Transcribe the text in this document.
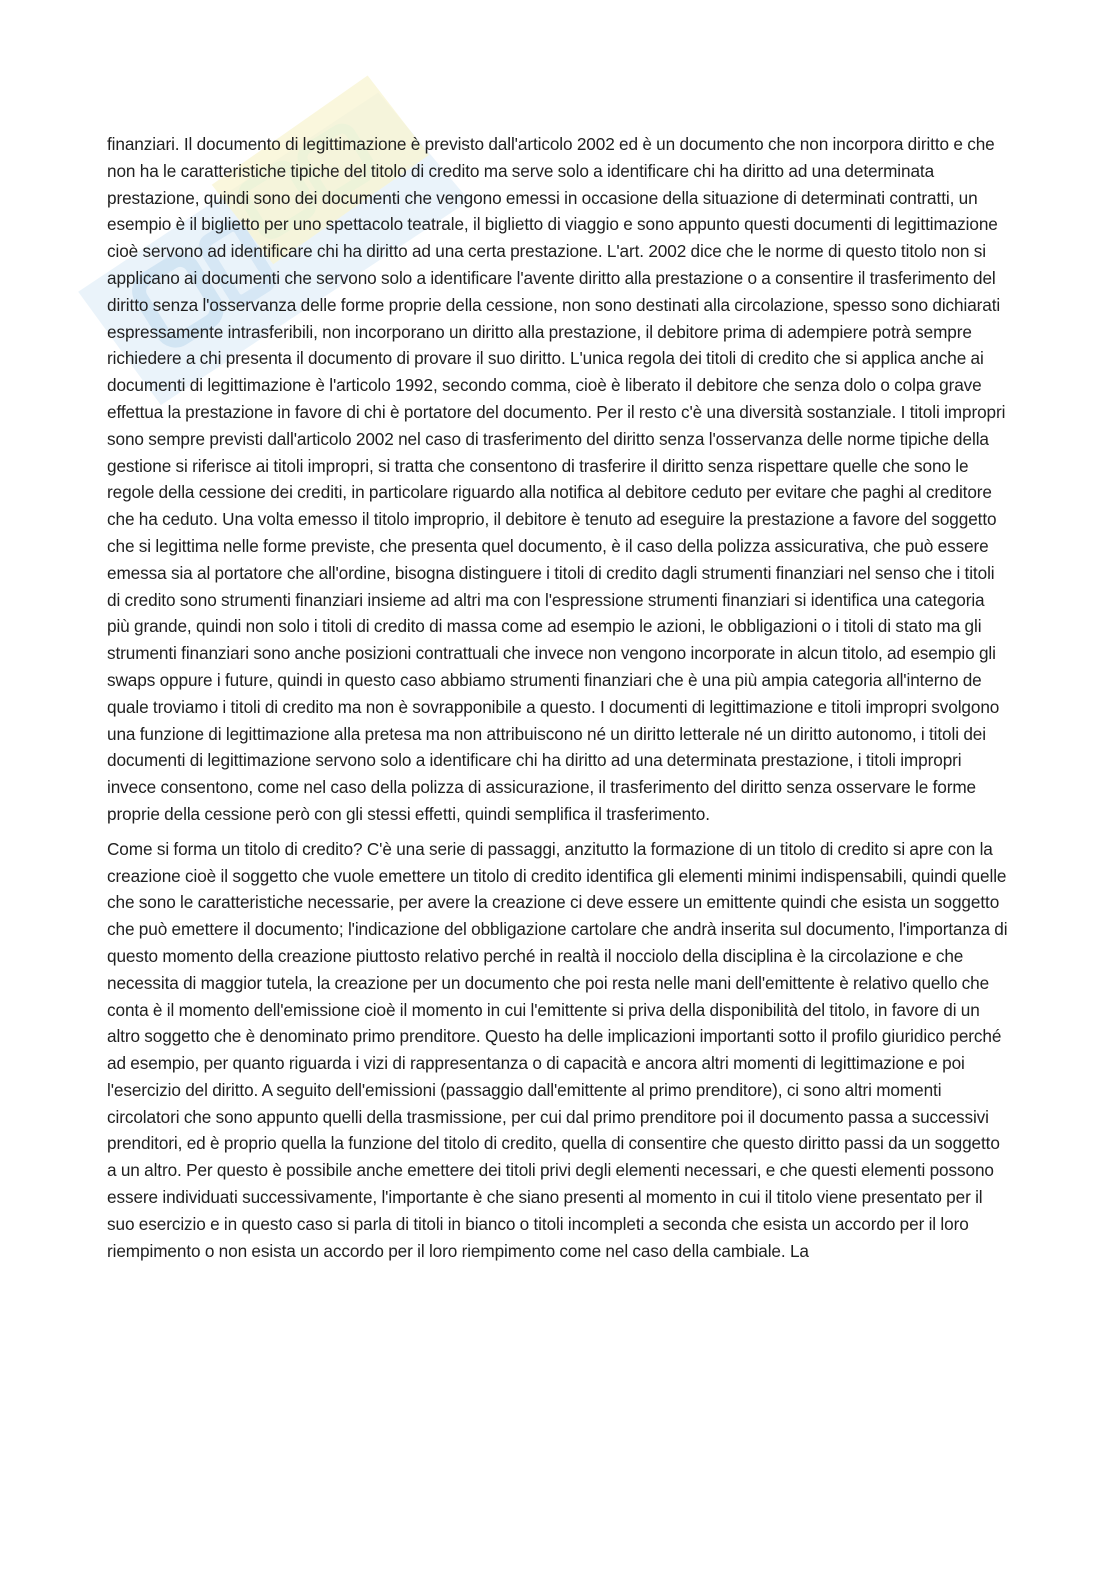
finanziari. Il documento di legittimazione è previsto dall'articolo 2002 ed è un documento che non incorpora diritto e che non ha le caratteristiche tipiche del titolo di credito ma serve solo a identificare chi ha diritto ad una determinata prestazione, quindi sono dei documenti che vengono emessi in occasione della situazione di determinati contratti, un esempio è il biglietto per uno spettacolo teatrale, il biglietto di viaggio e sono appunto questi documenti di legittimazione cioè servono ad identificare chi ha diritto ad una certa prestazione. L'art. 2002 dice che le norme di questo titolo non si applicano ai documenti che servono solo a identificare l'avente diritto alla prestazione o a consentire il trasferimento del diritto senza l'osservanza delle forme proprie della cessione, non sono destinati alla circolazione, spesso sono dichiarati espressamente intrasferibili, non incorporano un diritto alla prestazione, il debitore prima di adempiere potrà sempre richiedere a chi presenta il documento di provare il suo diritto. L'unica regola dei titoli di credito che si applica anche ai documenti di legittimazione è l'articolo 1992, secondo comma, cioè è liberato il debitore che senza dolo o colpa grave effettua la prestazione in favore di chi è portatore del documento. Per il resto c'è una diversità sostanziale. I titoli impropri sono sempre previsti dall'articolo 2002 nel caso di trasferimento del diritto senza l'osservanza delle norme tipiche della gestione si riferisce ai titoli impropri, si tratta che consentono di trasferire il diritto senza rispettare quelle che sono le regole della cessione dei crediti, in particolare riguardo alla notifica al debitore ceduto per evitare che paghi al creditore che ha ceduto. Una volta emesso il titolo improprio, il debitore è tenuto ad eseguire la prestazione a favore del soggetto che si legittima nelle forme previste, che presenta quel documento, è il caso della polizza assicurativa, che può essere emessa sia al portatore che all'ordine, bisogna distinguere i titoli di credito dagli strumenti finanziari nel senso che i titoli di credito sono strumenti finanziari insieme ad altri ma con l'espressione strumenti finanziari si identifica una categoria più grande, quindi non solo i titoli di credito di massa come ad esempio le azioni, le obbligazioni o i titoli di stato ma gli strumenti finanziari sono anche posizioni contrattuali che invece non vengono incorporate in alcun titolo, ad esempio gli swaps oppure i future, quindi in questo caso abbiamo strumenti finanziari che è una più ampia categoria all'interno de quale troviamo i titoli di credito ma non è sovrapponibile a questo. I documenti di legittimazione e titoli impropri svolgono una funzione di legittimazione alla pretesa ma non attribuiscono né un diritto letterale né un diritto autonomo, i titoli dei documenti di legittimazione servono solo a identificare chi ha diritto ad una determinata prestazione, i titoli impropri invece consentono, come nel caso della polizza di assicurazione, il trasferimento del diritto senza osservare le forme proprie della cessione però con gli stessi effetti, quindi semplifica il trasferimento.

Come si forma un titolo di credito? C'è una serie di passaggi, anzitutto la formazione di un titolo di credito si apre con la creazione cioè il soggetto che vuole emettere un titolo di credito identifica gli elementi minimi indispensabili, quindi quelle che sono le caratteristiche necessarie, per avere la creazione ci deve essere un emittente quindi che esista un soggetto che può emettere il documento; l'indicazione del obbligazione cartolare che andrà inserita sul documento, l'importanza di questo momento della creazione piuttosto relativo perché in realtà il nocciolo della disciplina è la circolazione e che necessita di maggior tutela, la creazione per un documento che poi resta nelle mani dell'emittente è relativo quello che conta è il momento dell'emissione cioè il momento in cui l'emittente si priva della disponibilità del titolo, in favore di un altro soggetto che è denominato primo prenditore. Questo ha delle implicazioni importanti sotto il profilo giuridico perché ad esempio, per quanto riguarda i vizi di rappresentanza o di capacità e ancora altri momenti di legittimazione e poi l'esercizio del diritto. A seguito dell'emissioni (passaggio dall'emittente al primo prenditore), ci sono altri momenti circolatori che sono appunto quelli della trasmissione, per cui dal primo prenditore poi il documento passa a successivi prenditori, ed è proprio quella la funzione del titolo di credito, quella di consentire che questo diritto passi da un soggetto a un altro. Per questo è possibile anche emettere dei titoli privi degli elementi necessari, e che questi elementi possono essere individuati successivamente, l'importante è che siano presenti al momento in cui il titolo viene presentato per il suo esercizio e in questo caso si parla di titoli in bianco o titoli incompleti a seconda che esista un accordo per il loro riempimento o non esista un accordo per il loro riempimento come nel caso della cambiale. La
